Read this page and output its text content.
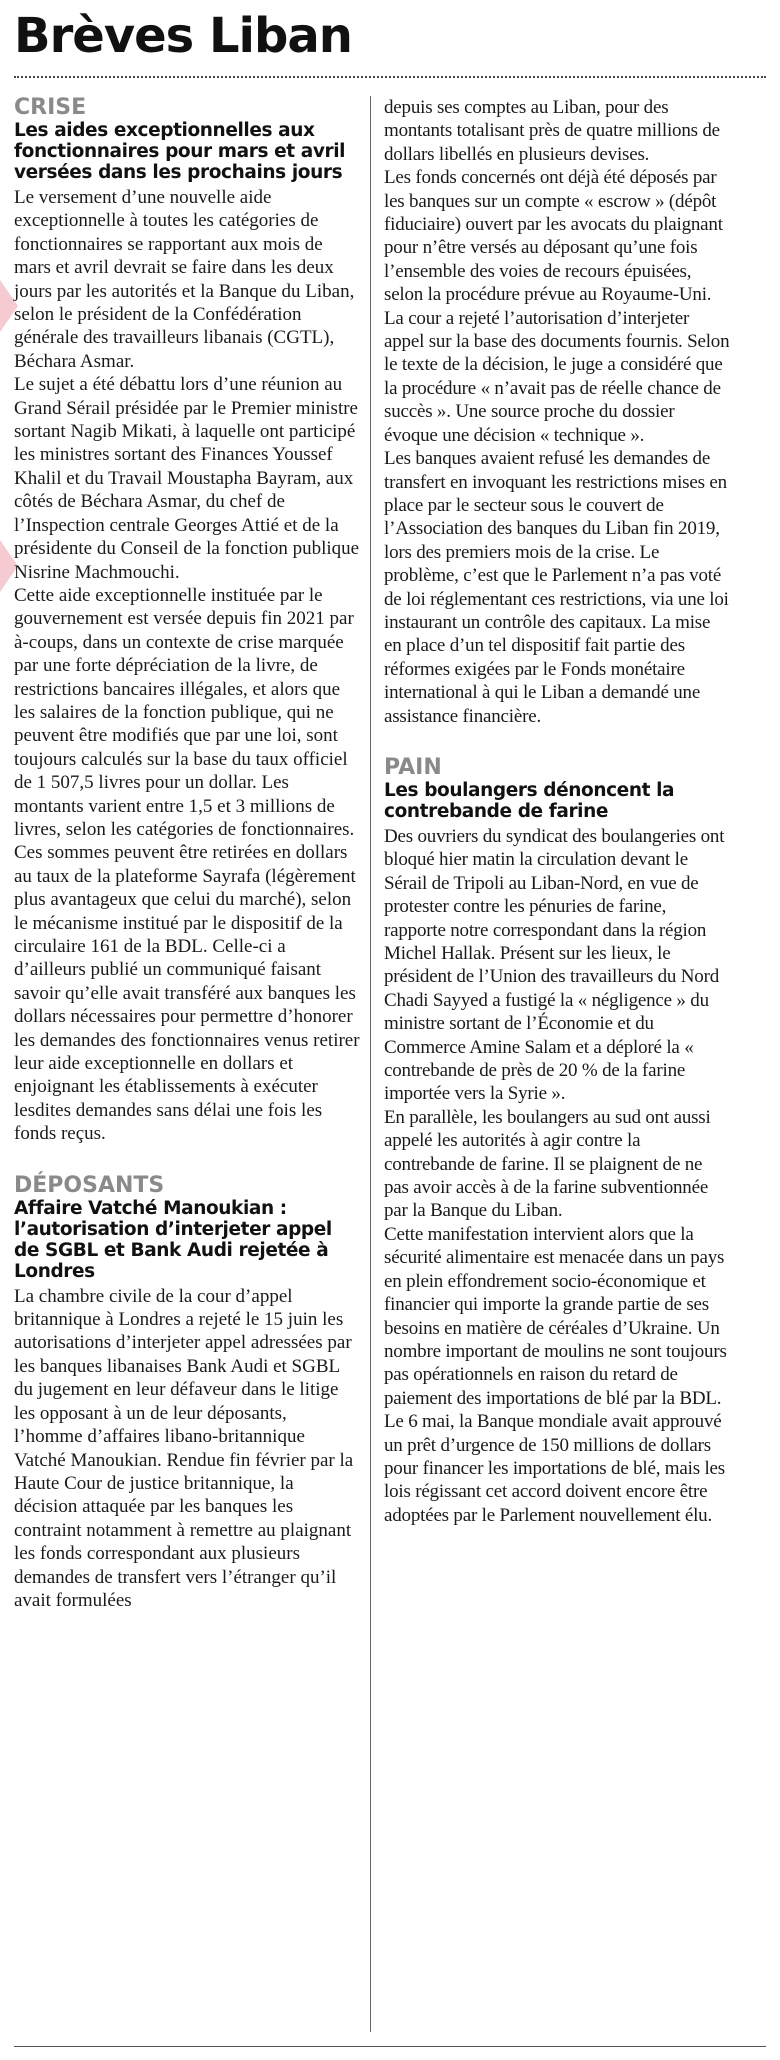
Brèves Liban

CRISE

Les aides exceptionnelles aux fonctionnaires pour mars et avril versées dans les prochains jours

Le versement d’une nouvelle aide exceptionnelle à toutes les catégories de fonctionnaires se rapportant aux mois de mars et avril devrait se faire dans les deux jours par les autorités et la Banque du Liban, selon le président de la Confédération générale des travailleurs libanais (CGTL), Béchara Asmar.

Le sujet a été débattu lors d’une réunion au Grand Sérail présidée par le Premier ministre sortant Nagib Mikati, à laquelle ont participé les ministres sortant des Finances Youssef Khalil et du Travail Moustapha Bayram, aux côtés de Béchara Asmar, du chef de l’Inspection centrale Georges Attié et de la présidente du Conseil de la fonction publique Nisrine Machmouchi.

Cette aide exceptionnelle instituée par le gouvernement est versée depuis fin 2021 par à-coups, dans un contexte de crise marquée par une forte dépréciation de la livre, de restrictions bancaires illégales, et alors que les salaires de la fonction publique, qui ne peuvent être modifiés que par une loi, sont toujours calculés sur la base du taux officiel de 1 507,5 livres pour un dollar. Les montants varient entre 1,5 et 3 millions de livres, selon les catégories de fonctionnaires. Ces sommes peuvent être retirées en dollars au taux de la plateforme Sayrafa (légèrement plus avantageux que celui du marché), selon le mécanisme institué par le dispositif de la circulaire 161 de la BDL. Celle-ci a d’ailleurs publié un communiqué faisant savoir qu’elle avait transféré aux banques les dollars nécessaires pour permettre d’honorer les demandes des fonctionnaires venus retirer leur aide exceptionnelle en dollars et enjoignant les établissements à exécuter lesdites demandes sans délai une fois les fonds reçus.

DÉPOSANTS

Affaire Vatché Manoukian : l’autorisation d’interjeter appel de SGBL et Bank Audi rejetée à Londres

La chambre civile de la cour d’appel britannique à Londres a rejeté le 15 juin les autorisations d’interjeter appel adressées par les banques libanaises Bank Audi et SGBL du jugement en leur défaveur dans le litige les opposant à un de leur déposants, l’homme d’affaires libano-britannique Vatché Manoukian. Rendue fin février par la Haute Cour de justice britannique, la décision attaquée par les banques les contraint notamment à remettre au plaignant les fonds correspondant aux plusieurs demandes de transfert vers l’étranger qu’il avait formulées

depuis ses comptes au Liban, pour des montants totalisant près de quatre millions de dollars libellés en plusieurs devises.

Les fonds concernés ont déjà été déposés par les banques sur un compte « escrow » (dépôt fiduciaire) ouvert par les avocats du plaignant pour n’être versés au déposant qu’une fois l’ensemble des voies de recours épuisées, selon la procédure prévue au Royaume-Uni.

La cour a rejeté l’autorisation d’interjeter appel sur la base des documents fournis. Selon le texte de la décision, le juge a considéré que la procédure « n’avait pas de réelle chance de succès ». Une source proche du dossier évoque une décision « technique ».

Les banques avaient refusé les demandes de transfert en invoquant les restrictions mises en place par le secteur sous le couvert de l’Association des banques du Liban fin 2019, lors des premiers mois de la crise. Le problème, c’est que le Parlement n’a pas voté de loi réglementant ces restrictions, via une loi instaurant un contrôle des capitaux. La mise en place d’un tel dispositif fait partie des réformes exigées par le Fonds monétaire international à qui le Liban a demandé une assistance financière.

PAIN

Les boulangers dénoncent la contrebande de farine

Des ouvriers du syndicat des boulangeries ont bloqué hier matin la circulation devant le Sérail de Tripoli au Liban-Nord, en vue de protester contre les pénuries de farine, rapporte notre correspondant dans la région Michel Hallak. Présent sur les lieux, le président de l’Union des travailleurs du Nord Chadi Sayyed a fustigé la « négligence » du ministre sortant de l’Économie et du Commerce Amine Salam et a déploré la « contrebande de près de 20 % de la farine importée vers la Syrie ».

En parallèle, les boulangers au sud ont aussi appelé les autorités à agir contre la contrebande de farine. Il se plaignent de ne pas avoir accès à de la farine subventionnée par la Banque du Liban.

Cette manifestation intervient alors que la sécurité alimentaire est menacée dans un pays en plein effondrement socio-économique et financier qui importe la grande partie de ses besoins en matière de céréales d’Ukraine. Un nombre important de moulins ne sont toujours pas opérationnels en raison du retard de paiement des importations de blé par la BDL. Le 6 mai, la Banque mondiale avait approuvé un prêt d’urgence de 150 millions de dollars pour financer les importations de blé, mais les lois régissant cet accord doivent encore être adoptées par le Parlement nouvellement élu.
